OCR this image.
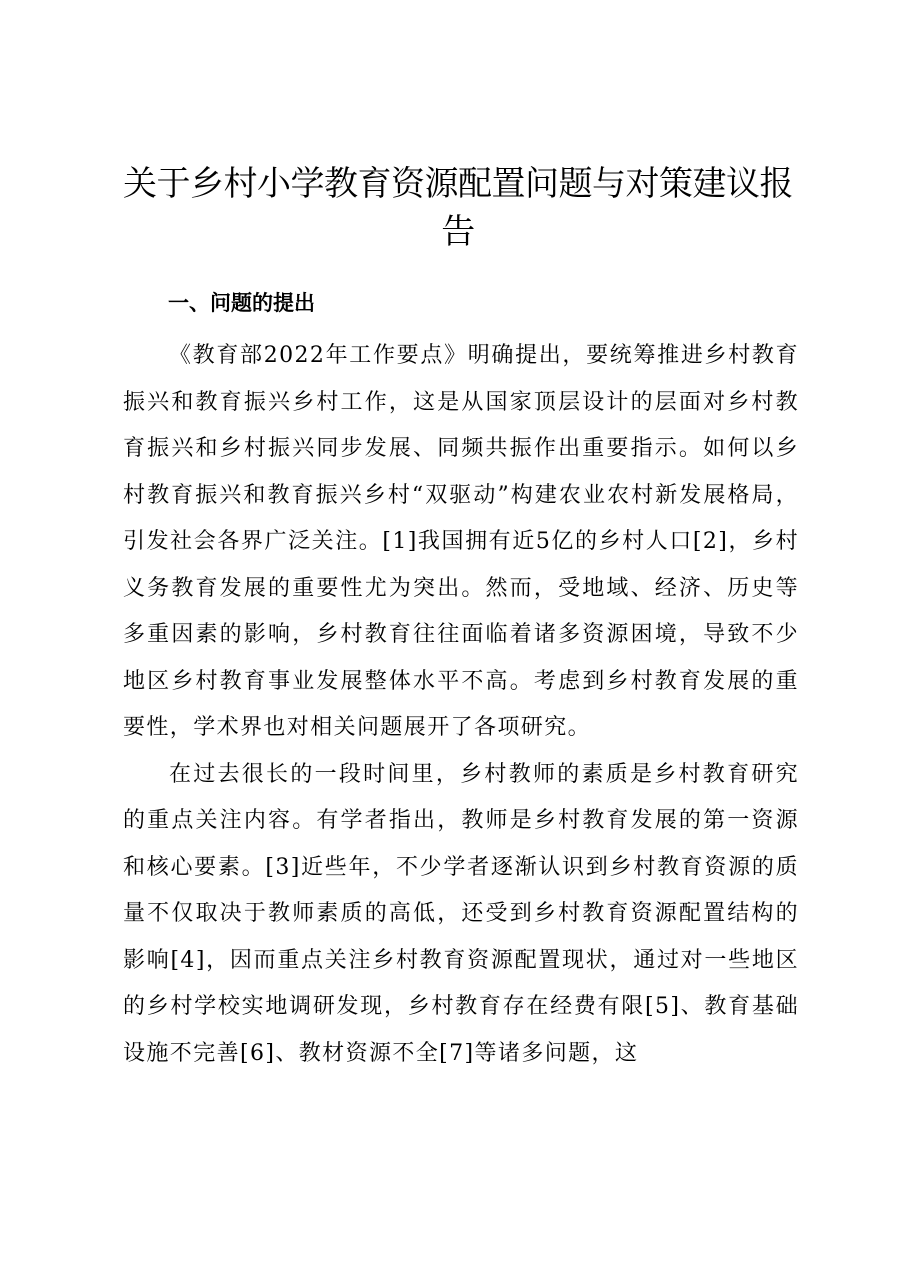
关于乡村小学教育资源配置问题与对策建议报告
一、问题的提出

《教育部2022年工作要点》明确提出，要统筹推进乡村教育振兴和教育振兴乡村工作，这是从国家顶层设计的层面对乡村教育振兴和乡村振兴同步发展、同频共振作出重要指示。如何以乡村教育振兴和教育振兴乡村“双驱动”构建农业农村新发展格局，引发社会各界广泛关注。[1]我国拥有近5亿的乡村人口[2]，乡村义务教育发展的重要性尤为突出。然而，受地域、经济、历史等多重因素的影响，乡村教育往往面临着诸多资源困境，导致不少地区乡村教育事业发展整体水平不高。考虑到乡村教育发展的重要性，学术界也对相关问题展开了各项研究。

在过去很长的一段时间里，乡村教师的素质是乡村教育研究的重点关注内容。有学者指出，教师是乡村教育发展的第一资源和核心要素。[3]近些年，不少学者逐渐认识到乡村教育资源的质量不仅取决于教师素质的高低，还受到乡村教育资源配置结构的影响[4]，因而重点关注乡村教育资源配置现状，通过对一些地区的乡村学校实地调研发现，乡村教育存在经费有限[5]、教育基础设施不完善[6]、教材资源不全[7]等诸多问题，这
